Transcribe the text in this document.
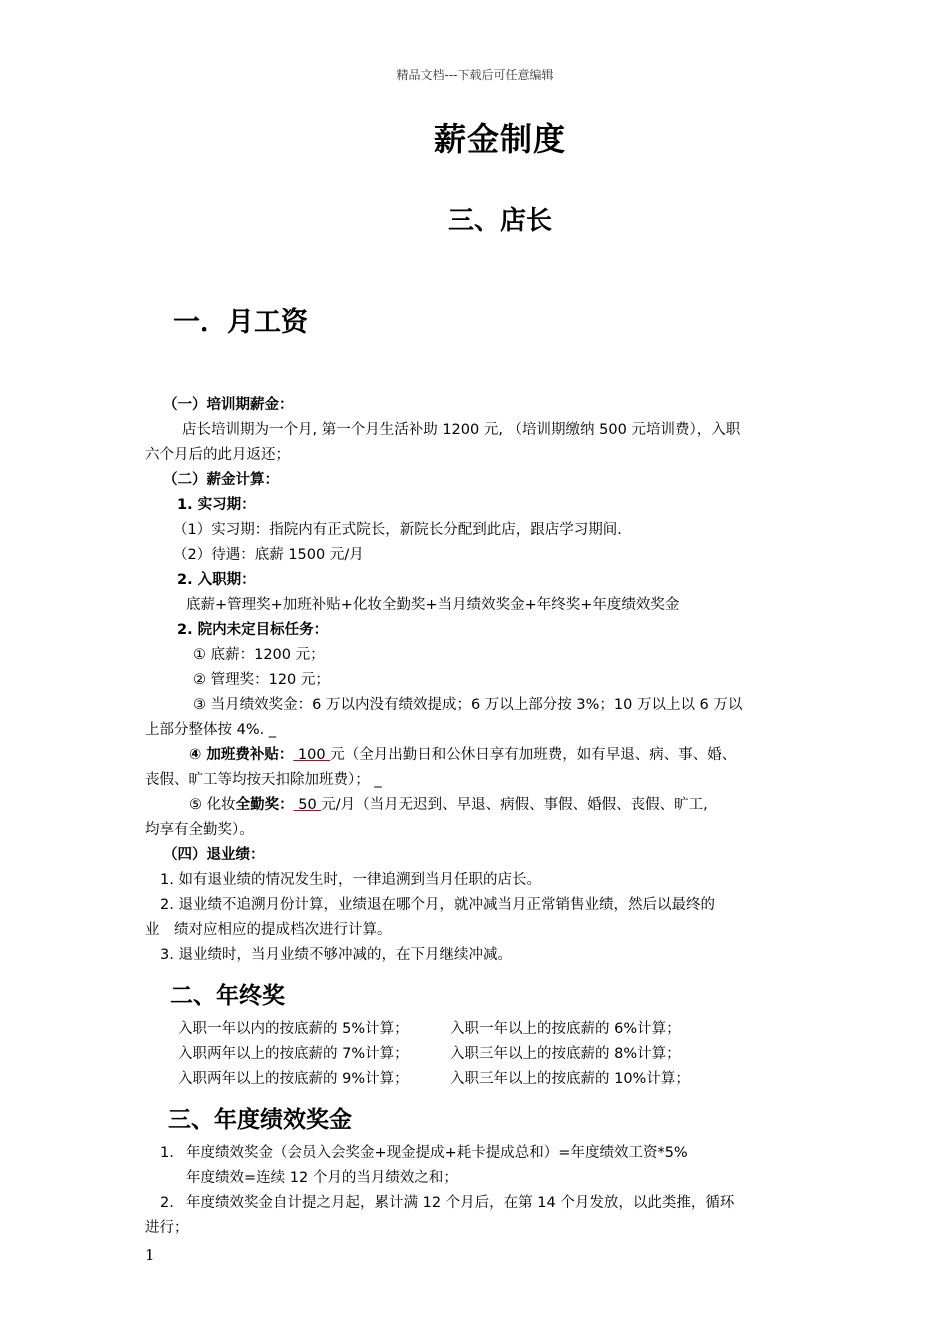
精品文档---下载后可任意编辑
薪金制度
三、店长
一．月工资
（一）培训期薪金：
店长培训期为一个月, 第一个月生活补助 1200 元, （培训期缴纳 500 元培训费），入职
六个月后的此月返还；
（二）薪金计算：
1. 实习期：
（1）实习期：指院内有正式院长，新院长分配到此店，跟店学习期间.
（2）待遇：底薪 1500 元/月
2. 入职期：
底薪+管理奖+加班补贴+化妆全勤奖+当月绩效奖金+年终奖+年度绩效奖金
2. 院内未定目标任务：
① 底薪：1200 元；
② 管理奖：120 元；
③ 当月绩效奖金：6 万以内没有绩效提成；6 万以上部分按 3%；10 万以上以 6 万以
上部分整体按 4%. _
④ 加班费补贴： 100 元（全月出勤日和公休日享有加班费，如有早退、病、事、婚、
丧假、旷工等均按天扣除加班费）； _
⑤ 化妆全勤奖： 50 元/月（当月无迟到、早退、病假、事假、婚假、丧假、旷工,
均享有全勤奖）。
（四）退业绩：
1. 如有退业绩的情况发生时，一律追溯到当月任职的店长。
2. 退业绩不追溯月份计算，业绩退在哪个月，就冲减当月正常销售业绩，然后以最终的
业　绩对应相应的提成档次进行计算。
3. 退业绩时，当月业绩不够冲减的，在下月继续冲减。
二、年终奖
入职一年以内的按底薪的 5%计算；	入职一年以上的按底薪的 6%计算；
入职两年以上的按底薪的 7%计算；	入职三年以上的按底薪的 8%计算；
入职两年以上的按底薪的 9%计算；	入职三年以上的按底薪的 10%计算；
三、年度绩效奖金
1. 年度绩效奖金（会员入会奖金+现金提成+耗卡提成总和）=年度绩效工资*5%
年度绩效=连续 12 个月的当月绩效之和；
2. 年度绩效奖金自计提之月起，累计满 12 个月后，在第 14 个月发放，以此类推，循环
进行；
1
